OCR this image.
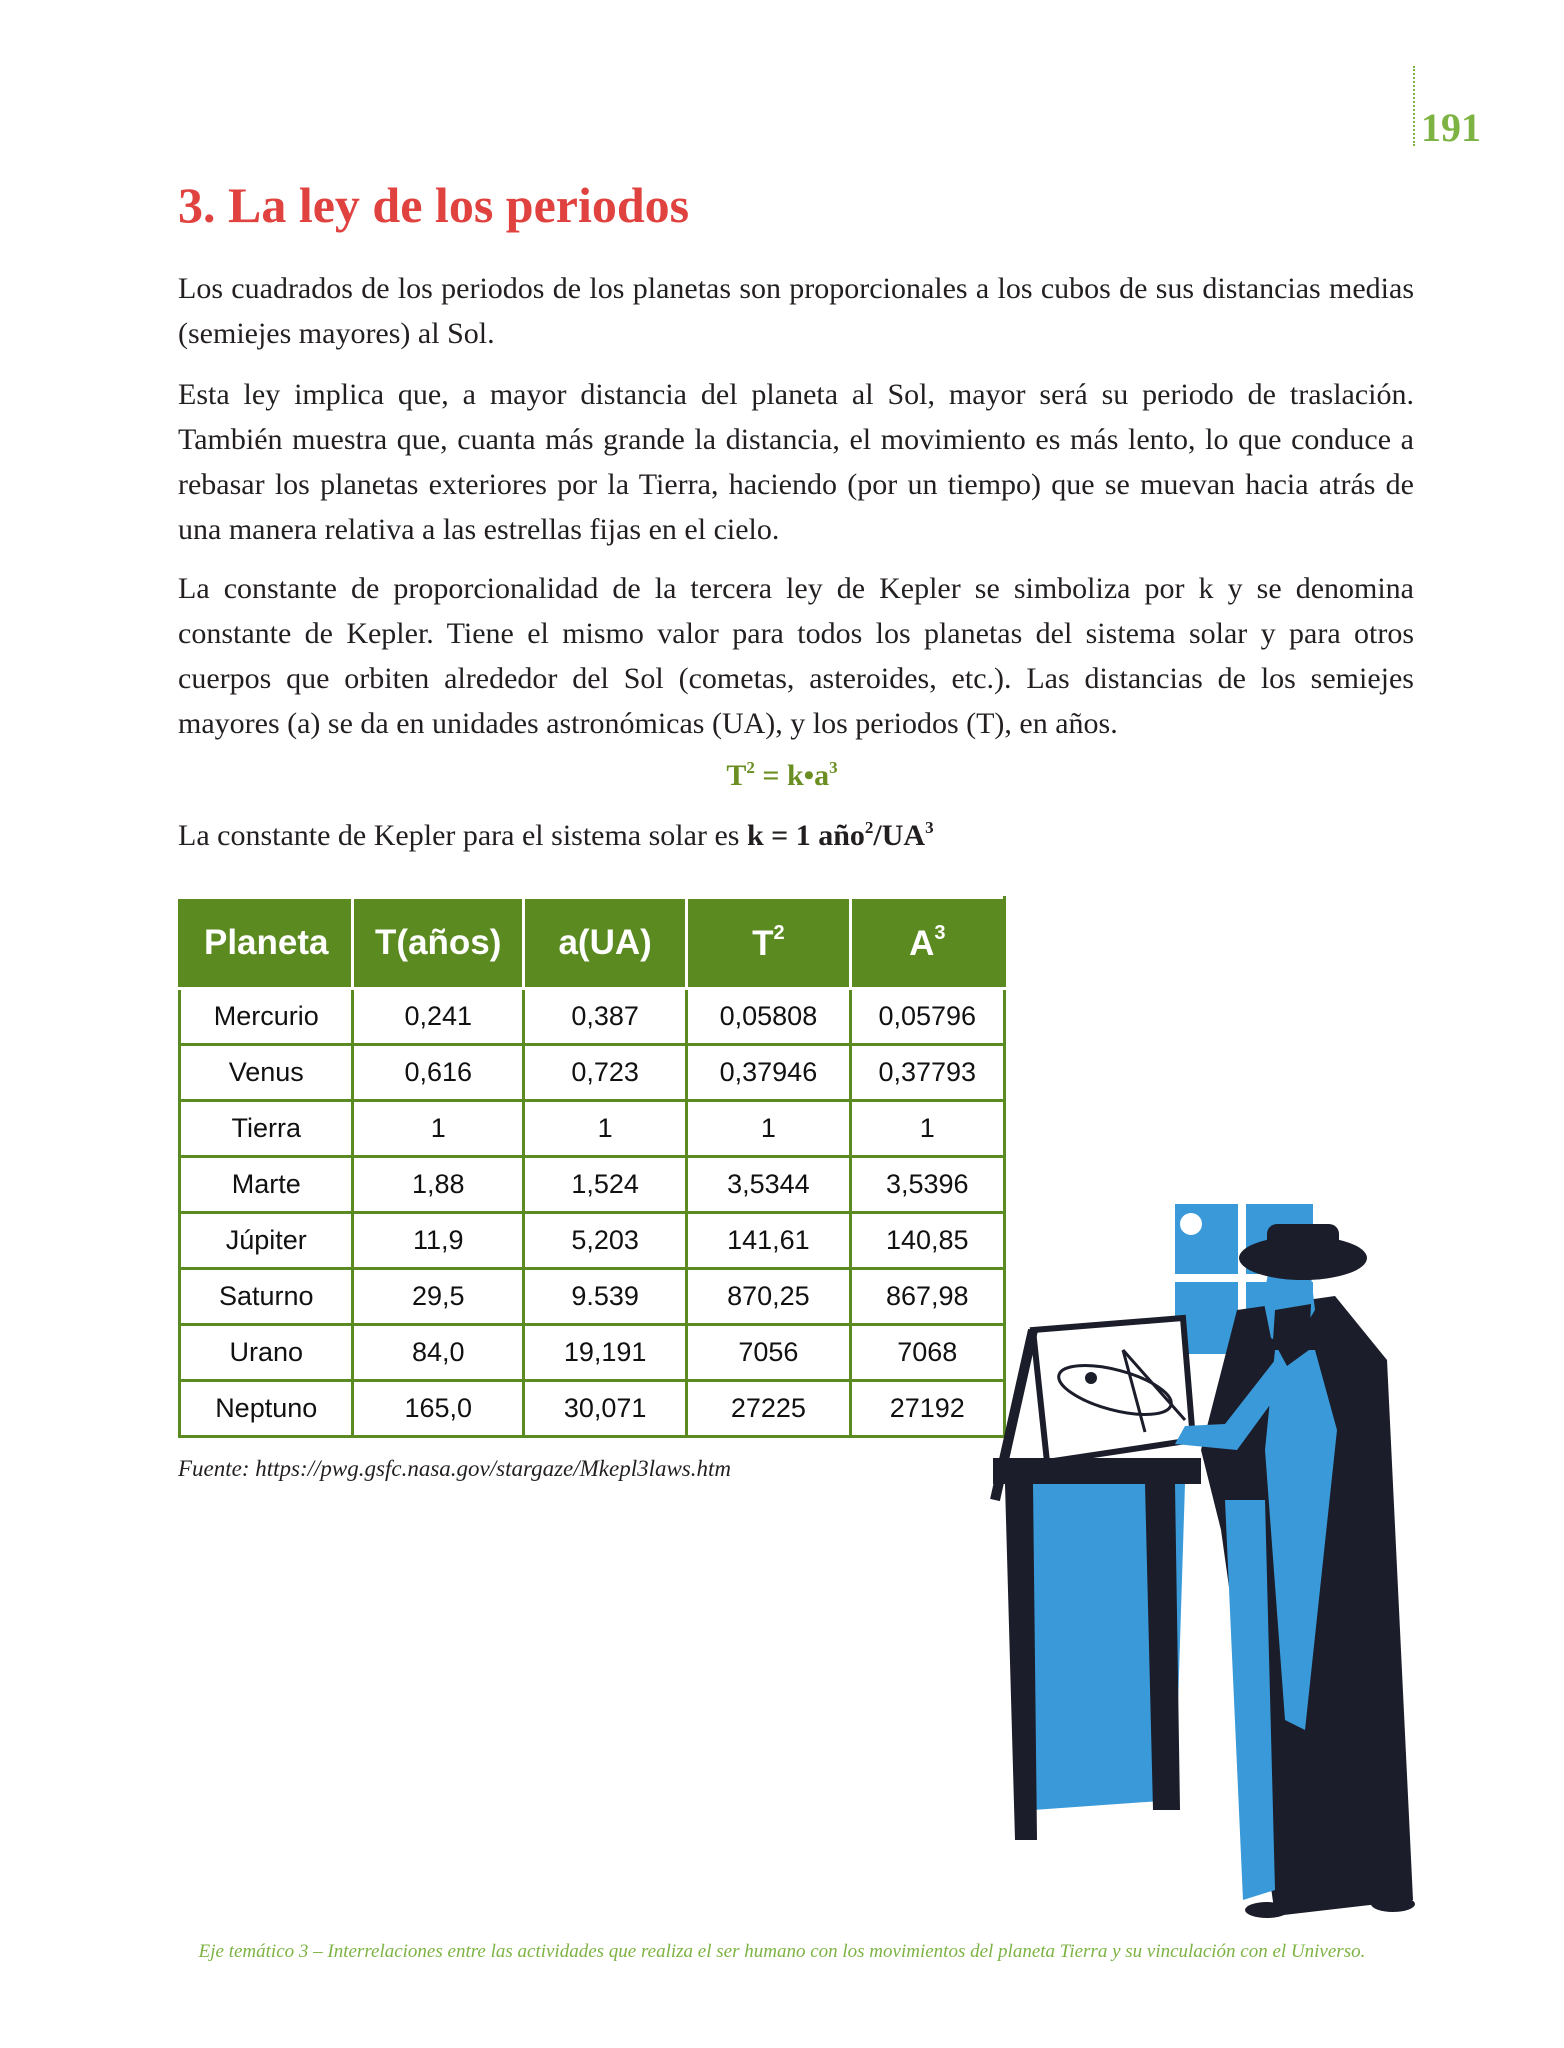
191
3. La ley de los periodos

Los cuadrados de los periodos de los planetas son proporcionales a los cubos de sus distancias medias (semiejes mayores) al Sol.

Esta ley implica que, a mayor distancia del planeta al Sol, mayor será su periodo de traslación. También muestra que, cuanta más grande la distancia, el movimiento es más lento, lo que conduce a rebasar los planetas exteriores por la Tierra, haciendo (por un tiempo) que se muevan hacia atrás de una manera relativa a las estrellas fijas en el cielo.

La constante de proporcionalidad de la tercera ley de Kepler se simboliza por k y se denomina constante de Kepler. Tiene el mismo valor para todos los planetas del sistema solar y para otros cuerpos que orbiten alrededor del Sol (cometas, asteroides, etc.). Las distancias de los semiejes mayores (a) se da en unidades astronómicas (UA), y los periodos (T), en años.

$T^2$ = $k•a^3$
La constante de Kepler para el sistema solar es k = 1 $año^2/UA^3$
Planeta	T(años)	a(UA)	$T^2$	$A^3$
Mercurio	0,241	0,387	0,05808	0,05796
Venus	0,616	0,723	0,37946	0,37793
Tierra	1	1	1	1
Marte	1,88	1,524	3,5344	3,5396
Júpiter	11,9	5,203	141,61	140,85
Saturno	29,5	9.539	870,25	867,98
Urano	84,0	19,191	7056	7068
Neptuno	165,0	30,071	27225	27192
Fuente: https://pwg.gsfc.nasa.gov/stargaze/Mkepl3laws.htm
Eje temático 3 – Interrelaciones entre las actividades que realiza el ser humano con los movimientos del planeta Tierra y su vinculación con el Universo.
